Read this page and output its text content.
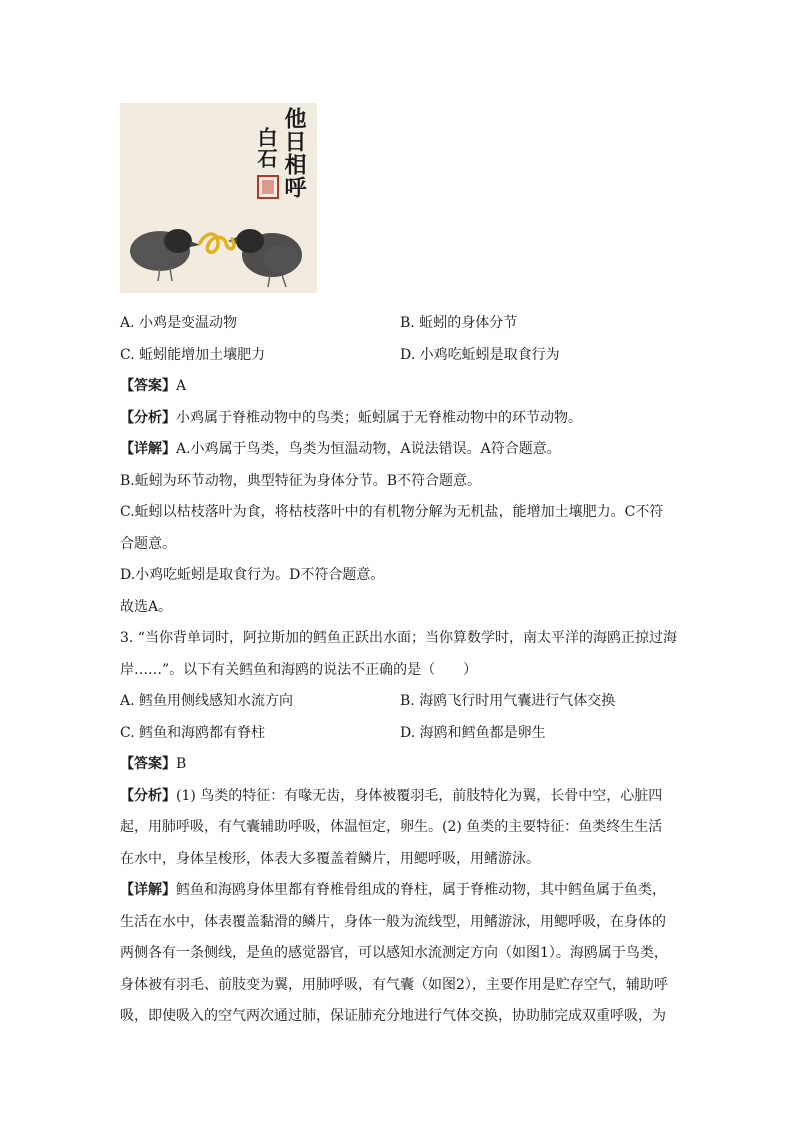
他日相呼
白石

A. 小鸡是变温动物	B. 蚯蚓的身体分节

C. 蚯蚓能增加土壤肥力	D. 小鸡吃蚯蚓是取食行为

【答案】A

【分析】小鸡属于脊椎动物中的鸟类；蚯蚓属于无脊椎动物中的环节动物。

【详解】A.小鸡属于鸟类，鸟类为恒温动物，A说法错误。A符合题意。

B.蚯蚓为环节动物，典型特征为身体分节。B不符合题意。

C.蚯蚓以枯枝落叶为食，将枯枝落叶中的有机物分解为无机盐，能增加土壤肥力。C不符

合题意。

D.小鸡吃蚯蚓是取食行为。D不符合题意。

故选A。

3. “当你背单词时，阿拉斯加的鳕鱼正跃出水面；当你算数学时，南太平洋的海鸥正掠过海

岸……”。以下有关鳕鱼和海鸥的说法不正确的是（　　）

A. 鳕鱼用侧线感知水流方向	B. 海鸥飞行时用气囊进行气体交换

C. 鳕鱼和海鸥都有脊柱	D. 海鸥和鳕鱼都是卵生

【答案】B

【分析】(1) 鸟类的特征：有喙无齿，身体被覆羽毛，前肢特化为翼，长骨中空，心脏四

起，用肺呼吸，有气囊辅助呼吸，体温恒定，卵生。(2) 鱼类的主要特征：鱼类终生生活

在水中，身体呈梭形，体表大多覆盖着鳞片，用鳃呼吸，用鳍游泳。

【详解】鳕鱼和海鸥身体里都有脊椎骨组成的脊柱，属于脊椎动物，其中鳕鱼属于鱼类，

生活在水中，体表覆盖黏滑的鳞片，身体一般为流线型，用鳍游泳，用鳃呼吸，在身体的

两侧各有一条侧线，是鱼的感觉器官，可以感知水流测定方向（如图1）。海鸥属于鸟类，

身体被有羽毛、前肢变为翼，用肺呼吸，有气囊（如图2），主要作用是贮存空气，辅助呼

吸，即使吸入的空气两次通过肺，保证肺充分地进行气体交换，协助肺完成双重呼吸，为
